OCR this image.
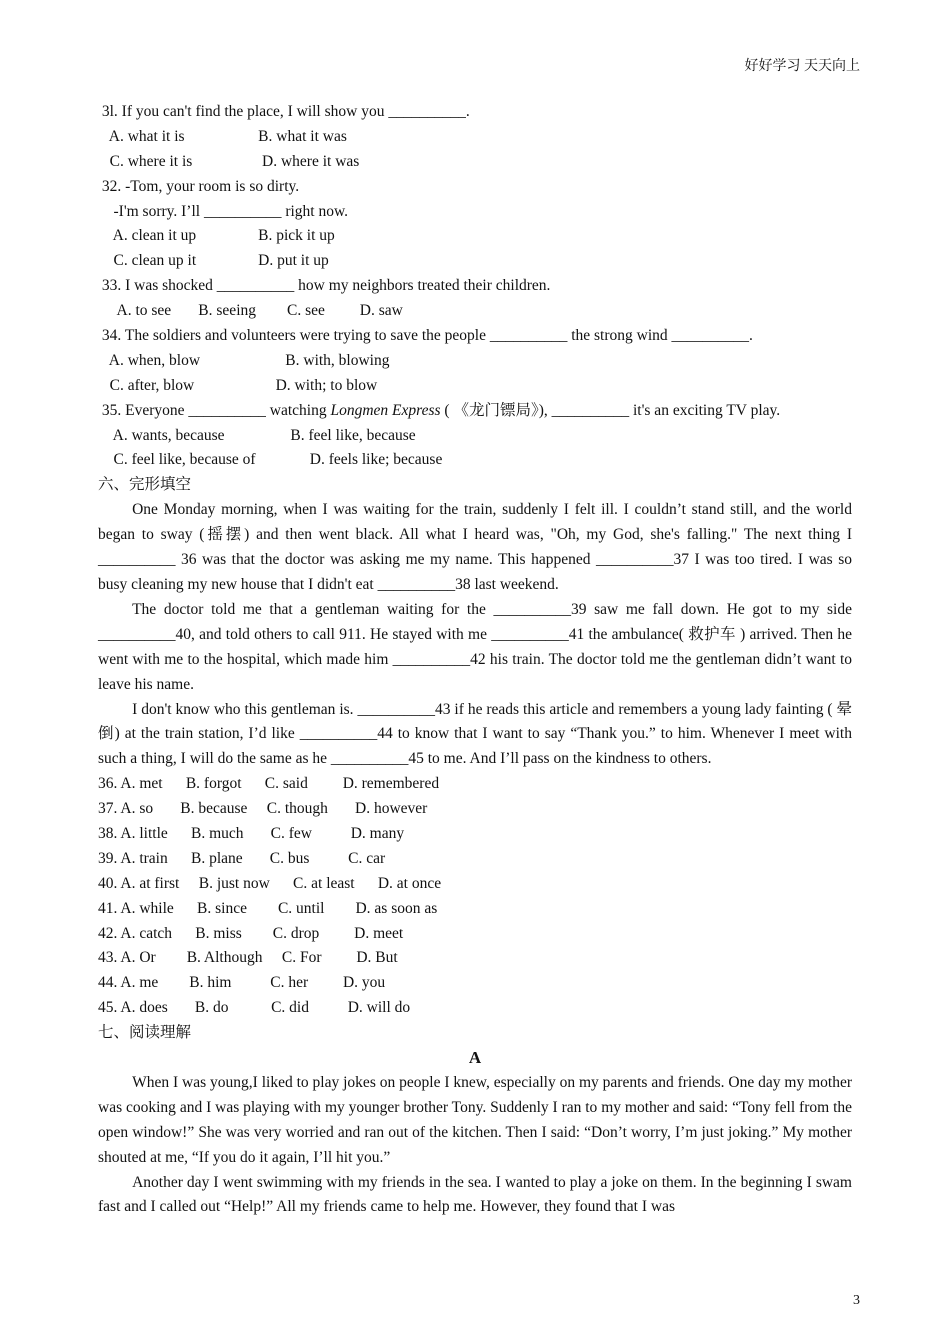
好好学习 天天向上
3l. If you can't find the place, I will show you __________.
A. what it is                   B. what it was
C. where it is                  D. where it was
32. -Tom, your room is so dirty.
-I'm sorry. I’ll __________ right now.
A. clean it up                B. pick it up
C. clean up it                D. put it up
33. I was shocked __________ how my neighbors treated their children.
A. to see       B. seeing        C. see         D. saw
34. The soldiers and volunteers were trying to save the people __________ the strong wind __________.
A. when, blow                      B. with, blowing
C. after, blow                     D. with; to blow
35. Everyone __________ watching Longmen Express ( 《龙门镖局》), __________ it's an exciting TV play.
A. wants, because                 B. feel like, because
C. feel like, because of              D. feels like; because
六、完形填空
One Monday morning, when I was waiting for the train, suddenly I felt ill. I couldn’t stand still, and the world began to sway (摇摆) and then went black. All what I heard was, "Oh, my God, she's falling." The next thing I __________ 36 was that the doctor was asking me my name. This happened __________37 I was too tired. I was so busy cleaning my new house that I didn't eat __________38 last weekend.
The doctor told me that a gentleman waiting for the __________39 saw me fall down. He got to my side __________40, and told others to call 911. He stayed with me __________41 the ambulance( 救护车 ) arrived. Then he went with me to the hospital, which made him __________42 his train. The doctor told me the gentleman didn’t want to leave his name.
I don't know who this gentleman is. __________43 if he reads this article and remembers a young lady fainting ( 晕倒) at the train station, I’d like __________44 to know that I want to say “Thank you.” to him. Whenever I meet with such a thing, I will do the same as he __________45 to me. And I’ll pass on the kindness to others.
36. A. met      B. forgot      C. said         D. remembered
37. A. so       B. because     C. though       D. however
38. A. little      B. much       C. few          D. many
39. A. train      B. plane       C. bus          C. car
40. A. at first     B. just now      C. at least      D. at once
41. A. while      B. since        C. until        D. as soon as
42. A. catch      B. miss        C. drop         D. meet
43. A. Or        B. Although     C. For         D. But
44. A. me        B. him          C. her         D. you
45. A. does       B. do           C. did          D. will do
七、阅读理解
A
When I was young,I liked to play jokes on people I knew, especially on my parents and friends. One day my mother was cooking and I was playing with my younger brother Tony. Suddenly I ran to my mother and said: “Tony fell from the open window!” She was very worried and ran out of the kitchen. Then I said: “Don’t worry, I’m just joking.” My mother shouted at me, “If you do it again, I’ll hit you.”
Another day I went swimming with my friends in the sea. I wanted to play a joke on them. In the beginning I swam fast and I called out “Help!” All my friends came to help me. However, they found that I was
3
